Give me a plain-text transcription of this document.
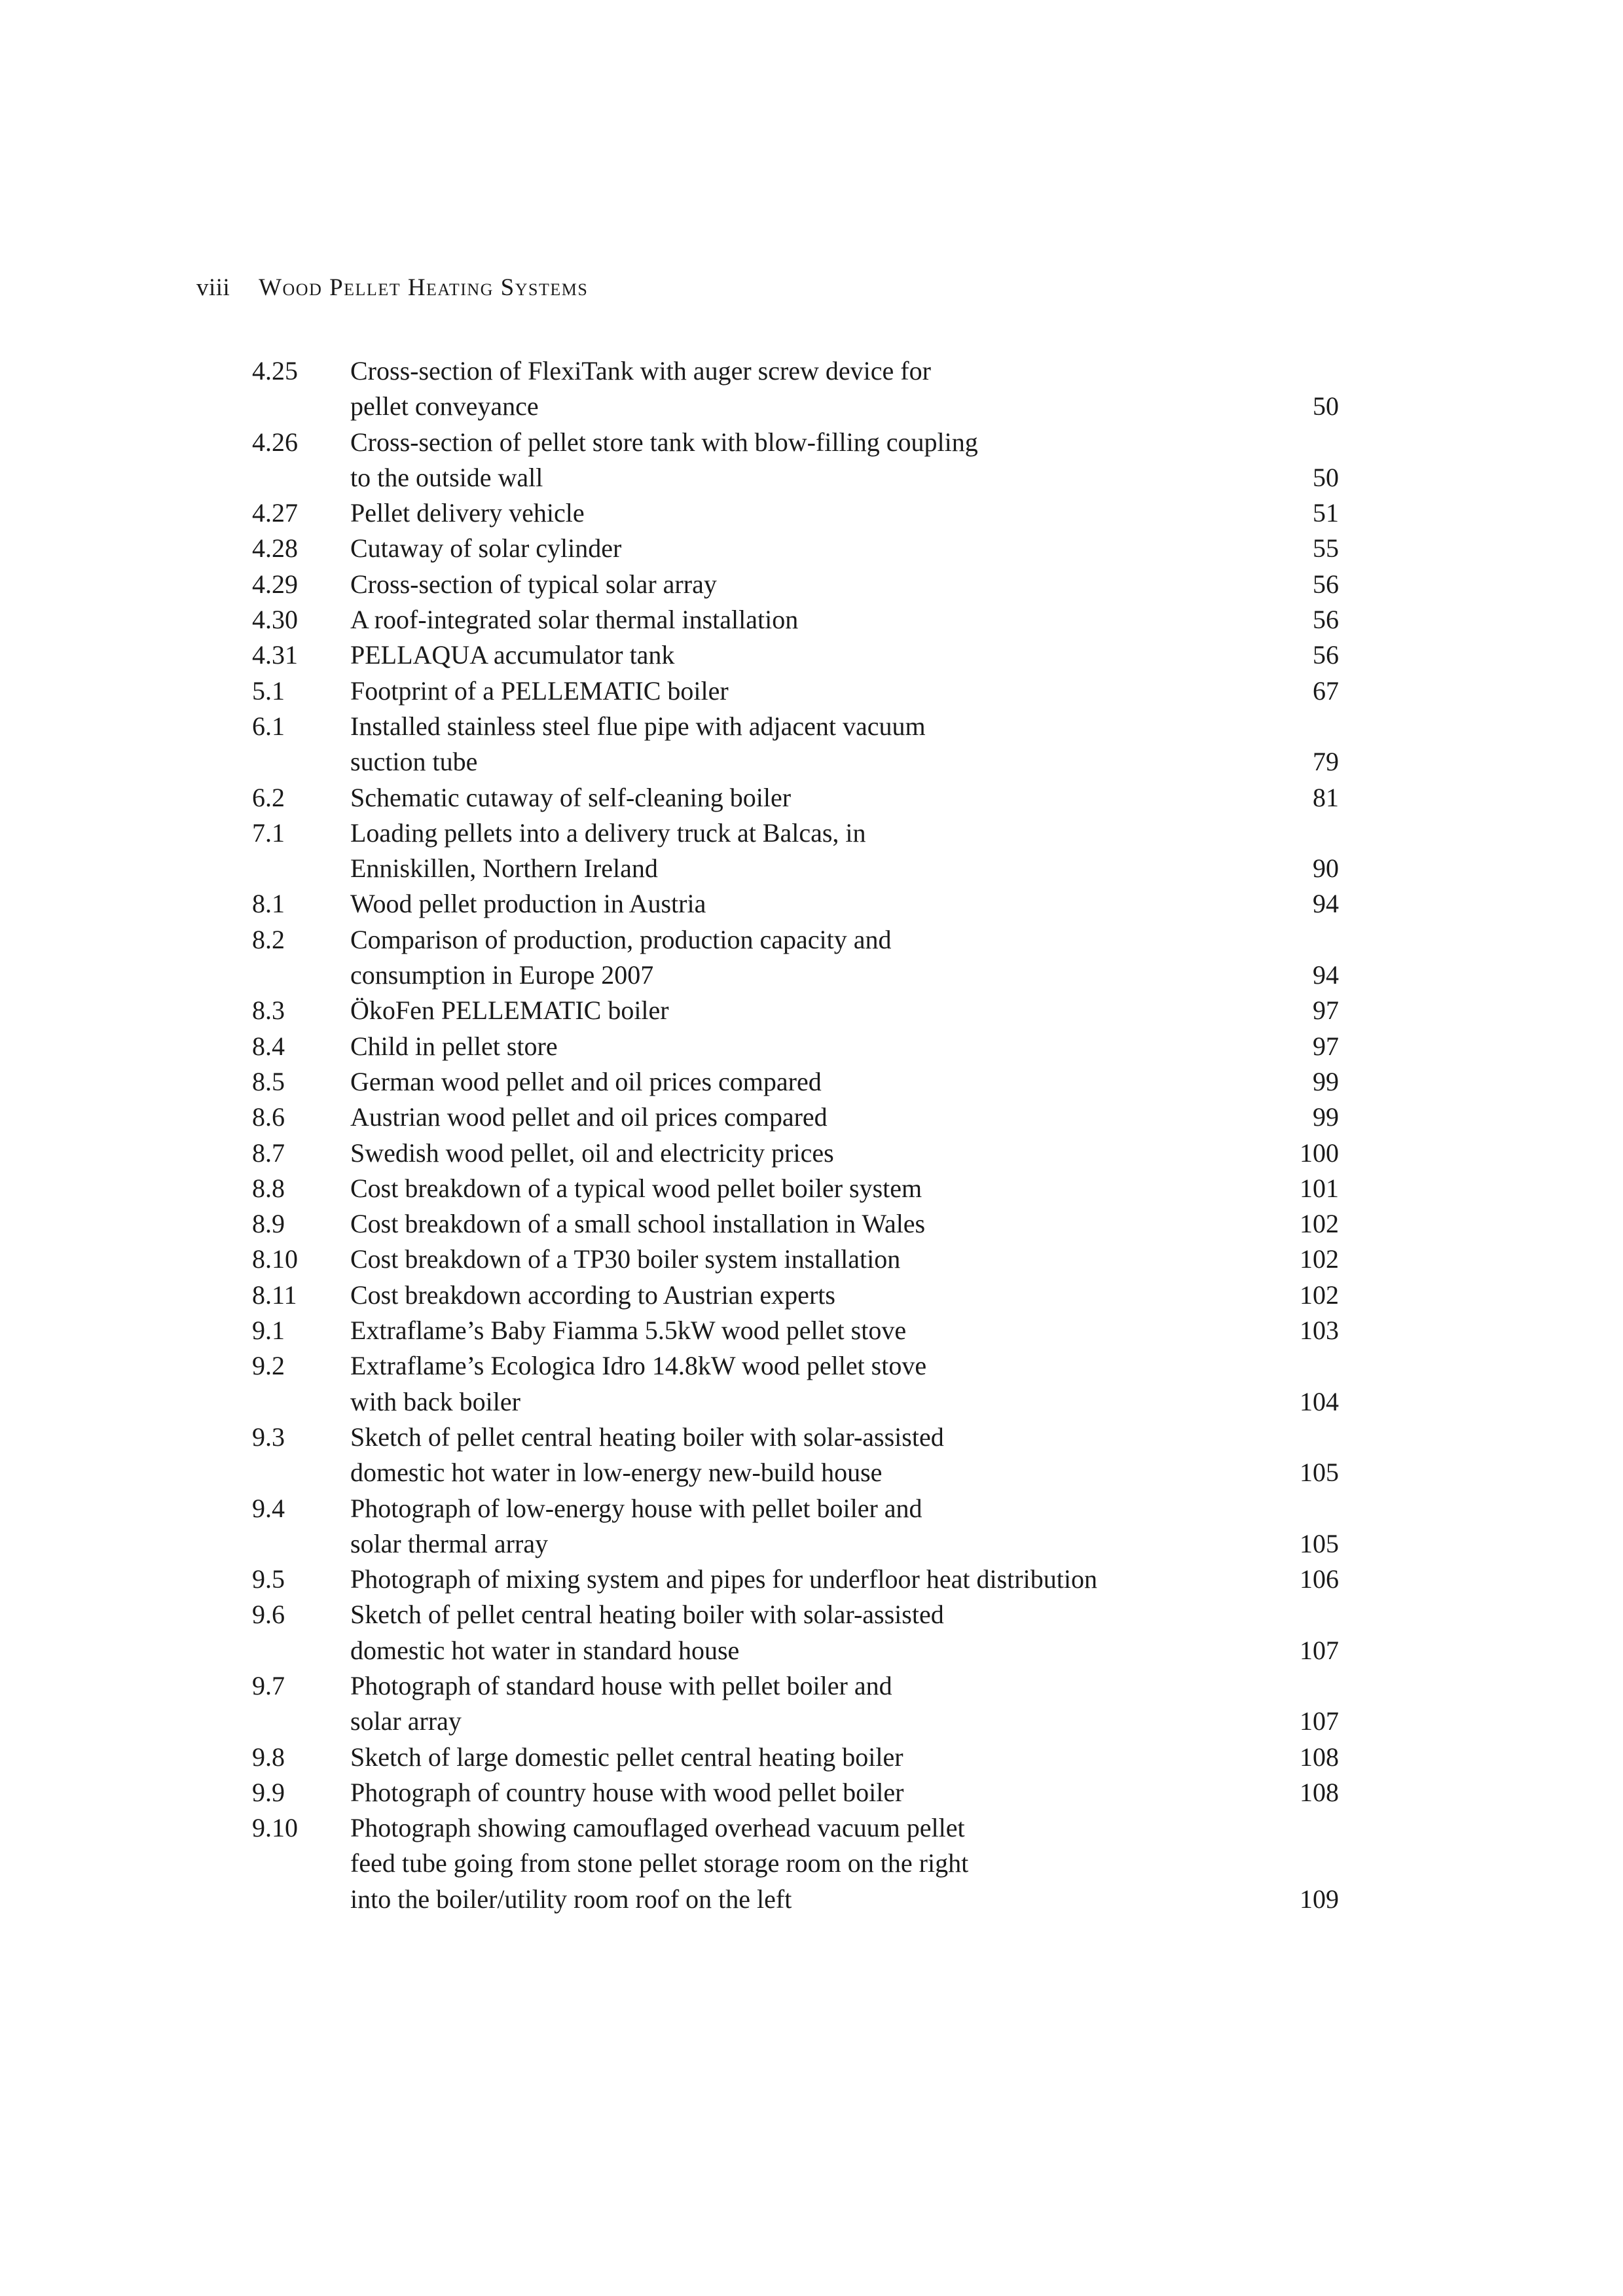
viii Wood Pellet Heating Systems
4.25 Cross-section of FlexiTank with auger screw device for
pellet conveyance	50
4.26 Cross-section of pellet store tank with blow-filling coupling
to the outside wall	50
4.27 Pellet delivery vehicle	51
4.28 Cutaway of solar cylinder	55
4.29 Cross-section of typical solar array	56
4.30 A roof-integrated solar thermal installation	56
4.31 PELLAQUA accumulator tank	56
5.1	Footprint of a PELLEMATIC boiler	67
6.1	Installed stainless steel flue pipe with adjacent vacuum
suction tube	79
6.2	Schematic cutaway of self-cleaning boiler	81
7.1	Loading pellets into a delivery truck at Balcas, in
Enniskillen, Northern Ireland	90
8.1	Wood pellet production in Austria	94
8.2	Comparison of production, production capacity and
consumption in Europe 2007	94
8.3	ÖkoFen PELLEMATIC boiler	97
8.4	Child in pellet store	97
8.5	German wood pellet and oil prices compared	99
8.6	Austrian wood pellet and oil prices compared	99
8.7	Swedish wood pellet, oil and electricity prices	100
8.8	Cost breakdown of a typical wood pellet boiler system	101
8.9	Cost breakdown of a small school installation in Wales	102
8.10 Cost breakdown of a TP30 boiler system installation	102
8.11 Cost breakdown according to Austrian experts	102
9.1	Extraflame’s Baby Fiamma 5.5kW wood pellet stove	103
9.2	Extraflame’s Ecologica Idro 14.8kW wood pellet stove
with back boiler	104
9.3	Sketch of pellet central heating boiler with solar-assisted
domestic hot water in low-energy new-build house	105
9.4	Photograph of low-energy house with pellet boiler and
solar thermal array	105
9.5	Photograph of mixing system and pipes for underfloor heat distribution	106
9.6	Sketch of pellet central heating boiler with solar-assisted
domestic hot water in standard house	107
9.7	Photograph of standard house with pellet boiler and
solar array	107
9.8	Sketch of large domestic pellet central heating boiler	108
9.9	Photograph of country house with wood pellet boiler	108
9.10 Photograph showing camouflaged overhead vacuum pellet
feed tube going from stone pellet storage room on the right
into the boiler/utility room roof on the left	109
